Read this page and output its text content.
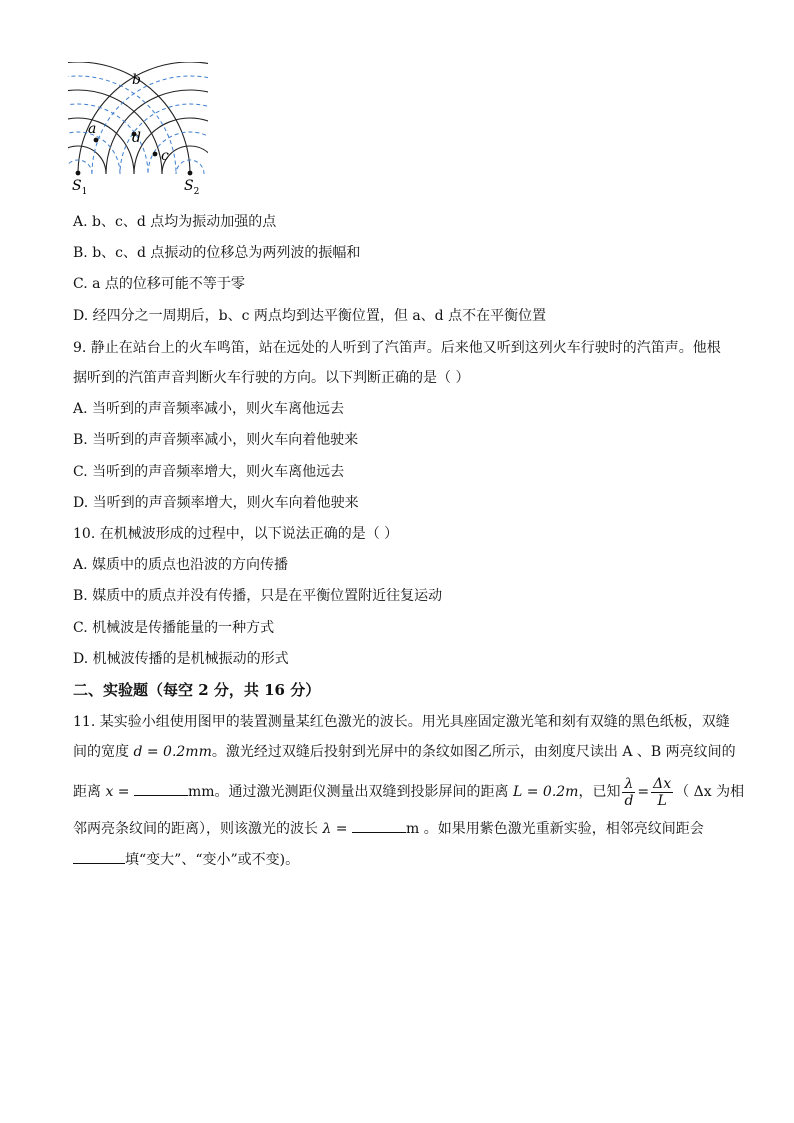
b
a
d
c
$S_1$	$S_2$
A. b、c、d 点均为振动加强的点
B. b、c、d 点振动的位移总为两列波的振幅和
C. a 点的位移可能不等于零
D. 经四分之一周期后，b、c 两点均到达平衡位置，但 a、d 点不在平衡位置
9. 静止在站台上的火车鸣笛，站在远处的人听到了汽笛声。后来他又听到这列火车行驶时的汽笛声。他根
据听到的汽笛声音判断火车行驶的方向。以下判断正确的是（ ）
A. 当听到的声音频率减小，则火车离他远去
B. 当听到的声音频率减小，则火车向着他驶来
C. 当听到的声音频率增大，则火车离他远去
D. 当听到的声音频率增大，则火车向着他驶来
10. 在机械波形成的过程中，以下说法正确的是（ ）
A. 媒质中的质点也沿波的方向传播
B. 媒质中的质点并没有传播，只是在平衡位置附近往复运动
C. 机械波是传播能量的一种方式
D. 机械波传播的是机械振动的形式
二、实验题（每空 2 分，共 16 分）
11. 某实验小组使用图甲的装置测量某红色激光的波长。用光具座固定激光笔和刻有双缝的黑色纸板，双缝
间的宽度 d = 0.2mm。激光经过双缝后投射到光屏中的条纹如图乙所示，由刻度尺读出 A 、B 两亮纹间的
距离 x =	mm。通过激光测距仪测量出双缝到投影屏间的距离 L = 0.2m，已知 $\frac{\lambda}{d} = \frac{\Delta x}{L}$ （ Δx 为相
邻两亮条纹间的距离），则该激光的波长 λ =	m 。如果用紫色激光重新实验，相邻亮纹间距会
填“变大”、“变小”或不变)。
